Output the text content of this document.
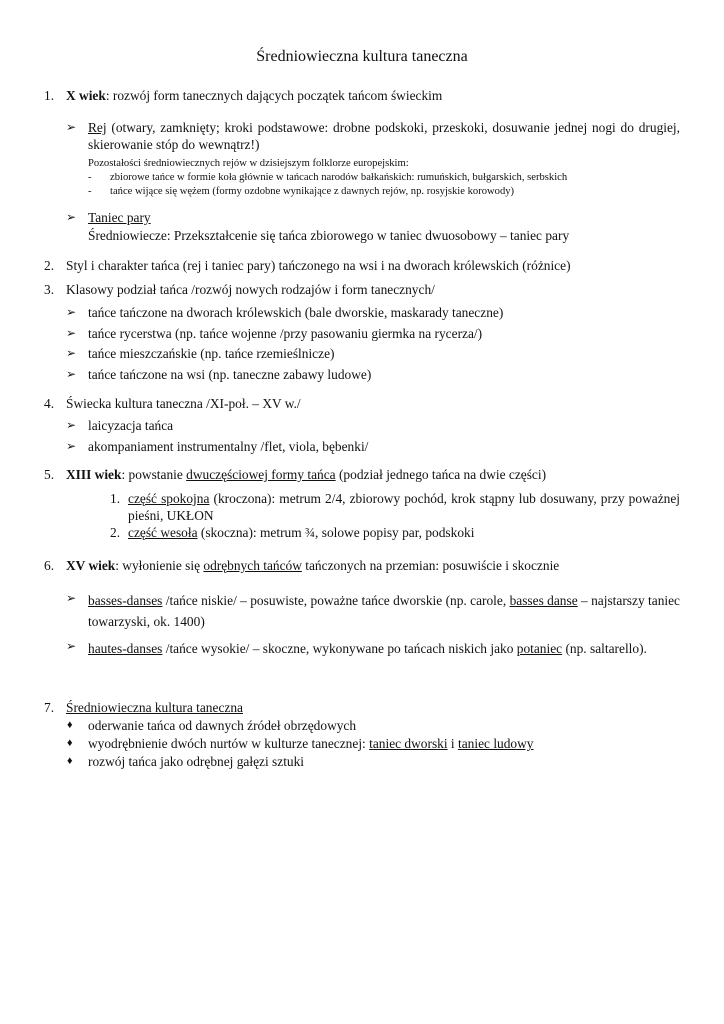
Średniowieczna kultura taneczna
1. X wiek: rozwój form tanecznych dających początek tańcom świeckim
➢ Rej (otwary, zamknięty; kroki podstawowe: drobne podskoki, przeskoki, dosuwanie jednej nogi do drugiej, skierowanie stóp do wewnątrz!)
Pozostałości średniowiecznych rejów w dzisiejszym folklorze europejskim:
- zbiorowe tańce w formie koła głównie w tańcach narodów bałkańskich: rumuńskich, bułgarskich, serbskich
- tańce wijące się wężem (formy ozdobne wynikające z dawnych rejów, np. rosyjskie korowody)
➢ Taniec pary
Średniowiecze: Przekształcenie się tańca zbiorowego w taniec dwuosobowy – taniec pary
2. Styl i charakter tańca (rej i taniec pary) tańczonego na wsi i na dworach królewskich (różnice)
3. Klasowy podział tańca /rozwój nowych rodzajów i form tanecznych/
➢ tańce tańczone na dworach królewskich (bale dworskie, maskarady taneczne)
➢ tańce rycerstwa (np. tańce wojenne /przy pasowaniu giermka na rycerza/)
➢ tańce mieszczańskie (np. tańce rzemieślnicze)
➢ tańce tańczone na wsi (np. taneczne zabawy ludowe)
4. Świecka kultura taneczna /XI-poł. – XV w./
➢ laicyzacja tańca
➢ akompaniament instrumentalny /flet, viola, bębenki/
5. XIII wiek: powstanie dwuczęściowej formy tańca (podział jednego tańca na dwie części)
1. część spokojna (kroczona): metrum 2/4, zbiorowy pochód, krok stąpny lub dosuwany, przy poważnej pieśni, UKŁON
2. część wesoła (skoczna): metrum ¾, solowe popisy par, podskoki
6. XV wiek: wyłonienie się odrębnych tańców tańczonych na przemian: posuwiście i skocznie
➢ basses-danses /tańce niskie/ – posuwiste, poważne tańce dworskie (np. carole, basses danse – najstarszy taniec towarzyski, ok. 1400)
➢ hautes-danses /tańce wysokie/ – skoczne, wykonywane po tańcach niskich jako potaniec (np. saltarello).
7. Średniowieczna kultura taneczna
♦ oderwanie tańca od dawnych źródeł obrzędowych
♦ wyodrębnienie dwóch nurtów w kulturze tanecznej: taniec dworski i taniec ludowy
♦ rozwój tańca jako odrębnej gałęzi sztuki
